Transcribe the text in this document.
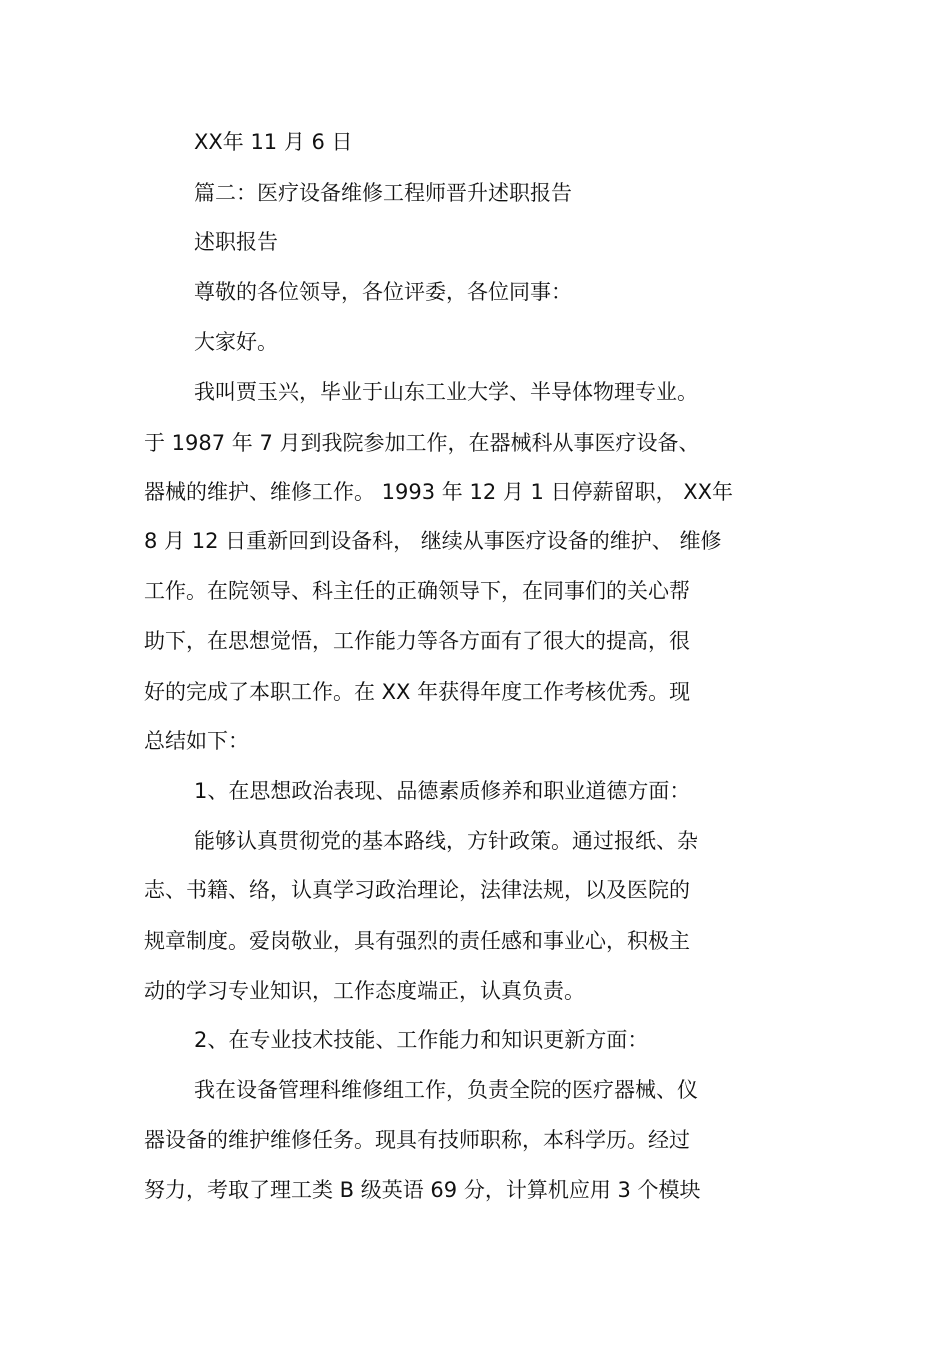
XX年 11 月 6 日
篇二：医疗设备维修工程师晋升述职报告
述职报告
尊敬的各位领导，各位评委，各位同事：
大家好。
我叫贾玉兴，毕业于山东工业大学、半导体物理专业。
于 1987 年 7 月到我院参加工作，在器械科从事医疗设备、
器械的维护、维修工作。 1993 年 12 月 1 日停薪留职， XX年
8 月 12 日重新回到设备科， 继续从事医疗设备的维护、 维修
工作。在院领导、科主任的正确领导下，在同事们的关心帮
助下，在思想觉悟，工作能力等各方面有了很大的提高，很
好的完成了本职工作。在 XX 年获得年度工作考核优秀。现
总结如下：
1、在思想政治表现、品德素质修养和职业道德方面：
能够认真贯彻党的基本路线，方针政策。通过报纸、杂
志、书籍、络，认真学习政治理论，法律法规，以及医院的
规章制度。爱岗敬业，具有强烈的责任感和事业心，积极主
动的学习专业知识，工作态度端正，认真负责。
2、在专业技术技能、工作能力和知识更新方面：
我在设备管理科维修组工作，负责全院的医疗器械、仪
器设备的维护维修任务。现具有技师职称，本科学历。经过
努力，考取了理工类 B 级英语 69 分，计算机应用 3 个模块
